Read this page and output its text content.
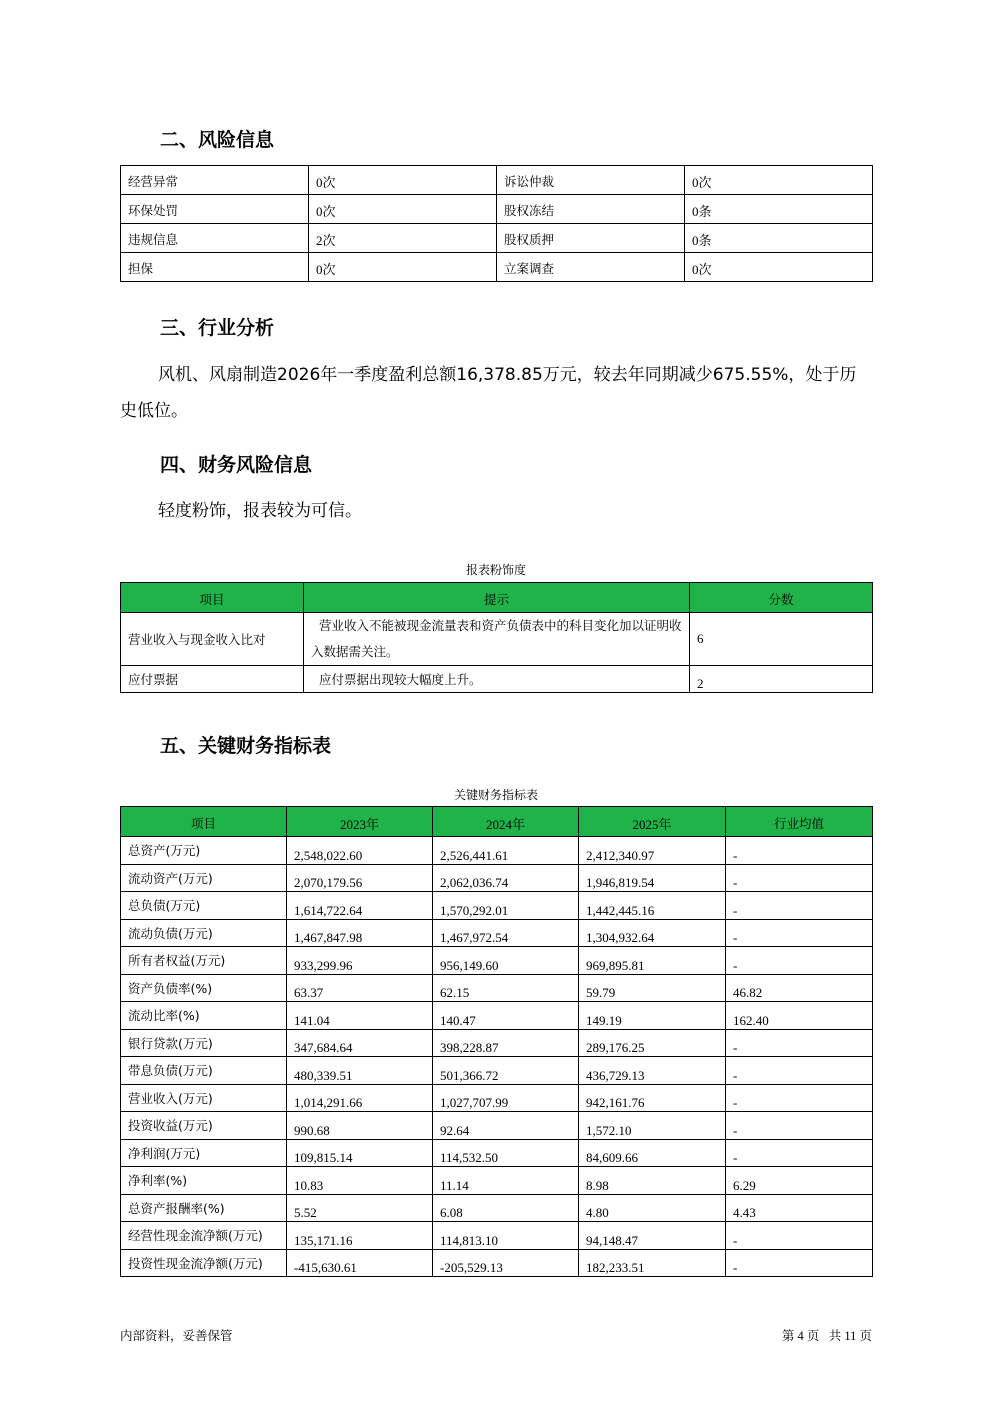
二、风险信息
经营异常	0次	诉讼仲裁	0次
环保处罚	0次	股权冻结	0条
违规信息	2次	股权质押	0条
担保	0次	立案调查	0次
三、行业分析

风机、风扇制造2026年一季度盈利总额16,378.85万元，较去年同期减少675.55%，处于历史低位。

四、财务风险信息

轻度粉饰，报表较为可信。

报表粉饰度
项目	提示	分数
营业收入与现金收入比对	营业收入不能被现金流量表和资产负债表中的科目变化加以证明收入数据需关注。	6
应付票据	应付票据出现较大幅度上升。	2
五、关键财务指标表
关键财务指标表
项目	2023年	2024年	2025年	行业均值
总资产(万元)	2,548,022.60	2,526,441.61	2,412,340.97	-
流动资产(万元)	2,070,179.56	2,062,036.74	1,946,819.54	-
总负债(万元)	1,614,722.64	1,570,292.01	1,442,445.16	-
流动负债(万元)	1,467,847.98	1,467,972.54	1,304,932.64	-
所有者权益(万元)	933,299.96	956,149.60	969,895.81	-
资产负债率(%)	63.37	62.15	59.79	46.82
流动比率(%)	141.04	140.47	149.19	162.40
银行贷款(万元)	347,684.64	398,228.87	289,176.25	-
带息负债(万元)	480,339.51	501,366.72	436,729.13	-
营业收入(万元)	1,014,291.66	1,027,707.99	942,161.76	-
投资收益(万元)	990.68	92.64	1,572.10	-
净利润(万元)	109,815.14	114,532.50	84,609.66	-
净利率(%)	10.83	11.14	8.98	6.29
总资产报酬率(%)	5.52	6.08	4.80	4.43
经营性现金流净额(万元)	135,171.16	114,813.10	94,148.47	-
投资性现金流净额(万元)	-415,630.61	-205,529.13	182,233.51	-
内部资料，妥善保管	第 4 页   共 11 页
